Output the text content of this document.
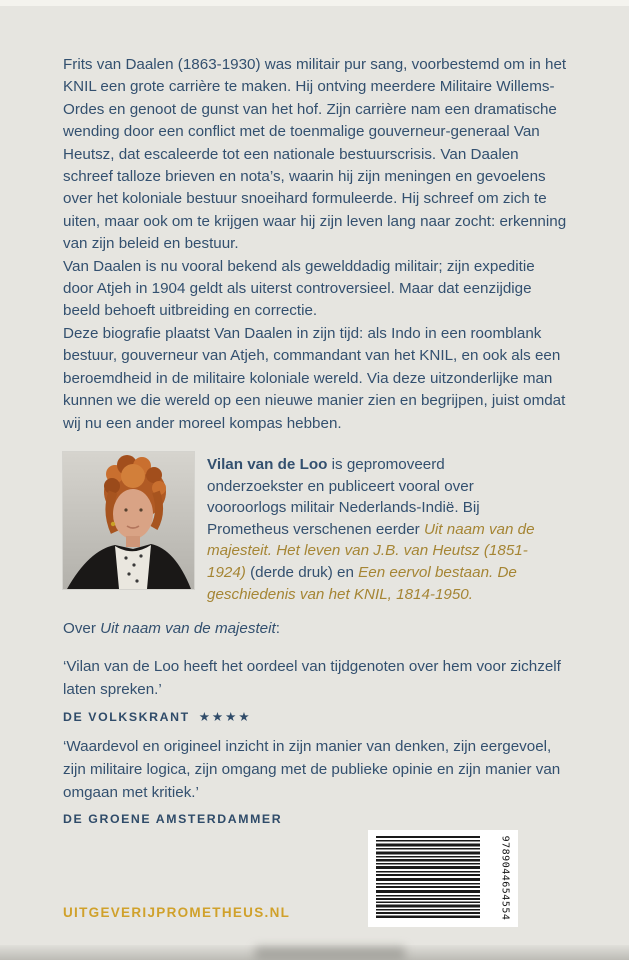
Frits van Daalen (1863-1930) was militair pur sang, voorbestemd om in het KNIL een grote carrière te maken. Hij ontving meerdere Militaire Willems-Ordes en genoot de gunst van het hof. Zijn carrière nam een dramatische wending door een conflict met de toenmalige gouverneur-generaal Van Heutsz, dat escaleerde tot een nationale bestuurscrisis. Van Daalen schreef talloze brieven en nota’s, waarin hij zijn meningen en gevoelens over het koloniale bestuur snoeihard formuleerde. Hij schreef om zich te uiten, maar ook om te krijgen waar hij zijn leven lang naar zocht: erkenning van zijn beleid en bestuur.

Van Daalen is nu vooral bekend als gewelddadig militair; zijn expeditie door Atjeh in 1904 geldt als uiterst controversieel. Maar dat eenzijdige beeld behoeft uitbreiding en correctie.

Deze biografie plaatst Van Daalen in zijn tijd: als Indo in een roomblank bestuur, gouverneur van Atjeh, commandant van het KNIL, en ook als een beroemdheid in de militaire koloniale wereld. Via deze uitzonderlijke man kunnen we die wereld op een nieuwe manier zien en begrijpen, juist omdat wij nu een ander moreel kompas hebben.

Vilan van de Loo is gepromoveerd onderzoekster en publiceert vooral over vooroorlogs militair Nederlands-Indië. Bij Prometheus verschenen eerder Uit naam van de majesteit. Het leven van J.B. van Heutsz (1851-1924) (derde druk) en Een eervol bestaan. De geschiedenis van het KNIL, 1814-1950.

Over Uit naam van de majesteit:

‘Vilan van de Loo heeft het oordeel van tijdgenoten over hem voor zichzelf laten spreken.’

DE VOLKSKRANT ★★★★

‘Waardevol en origineel inzicht in zijn manier van denken, zijn eergevoel, zijn militaire logica, zijn omgang met de publieke opinie en zijn manier van omgaan met kritiek.’

DE GROENE AMSTERDAMMER

UITGEVERIJPROMETHEUS.NL	9789044654554
